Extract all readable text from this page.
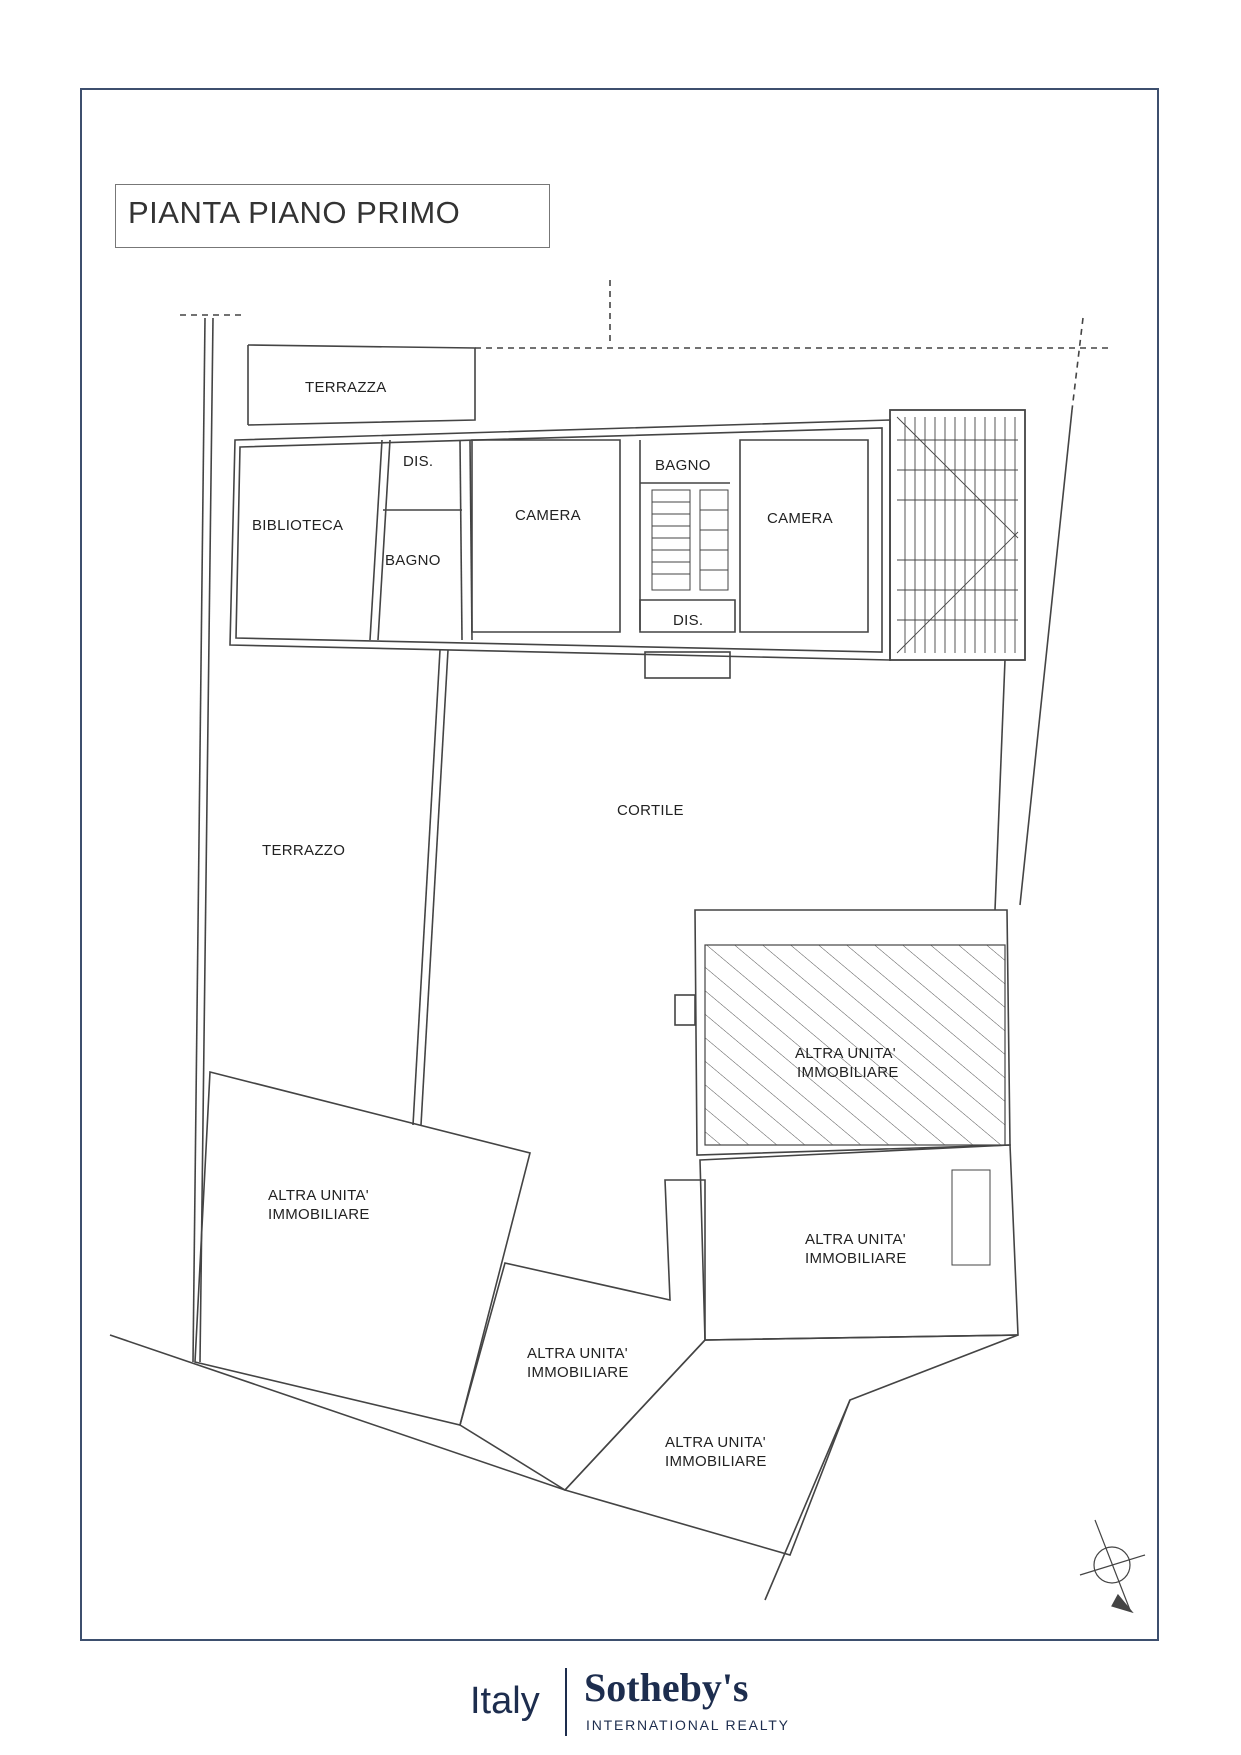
PIANTA PIANO PRIMO
TERRAZZA
DIS.
BIBLIOTECA
BAGNO
CAMERA
BAGNO
CAMERA
DIS.
CORTILE
TERRAZZO
ALTRA UNITA'
IMMOBILIARE
ALTRA UNITA'
IMMOBILIARE
ALTRA UNITA'
IMMOBILIARE
ALTRA UNITA'
IMMOBILIARE
ALTRA UNITA'
IMMOBILIARE
Italy Sotheby's
INTERNATIONAL REALTY
